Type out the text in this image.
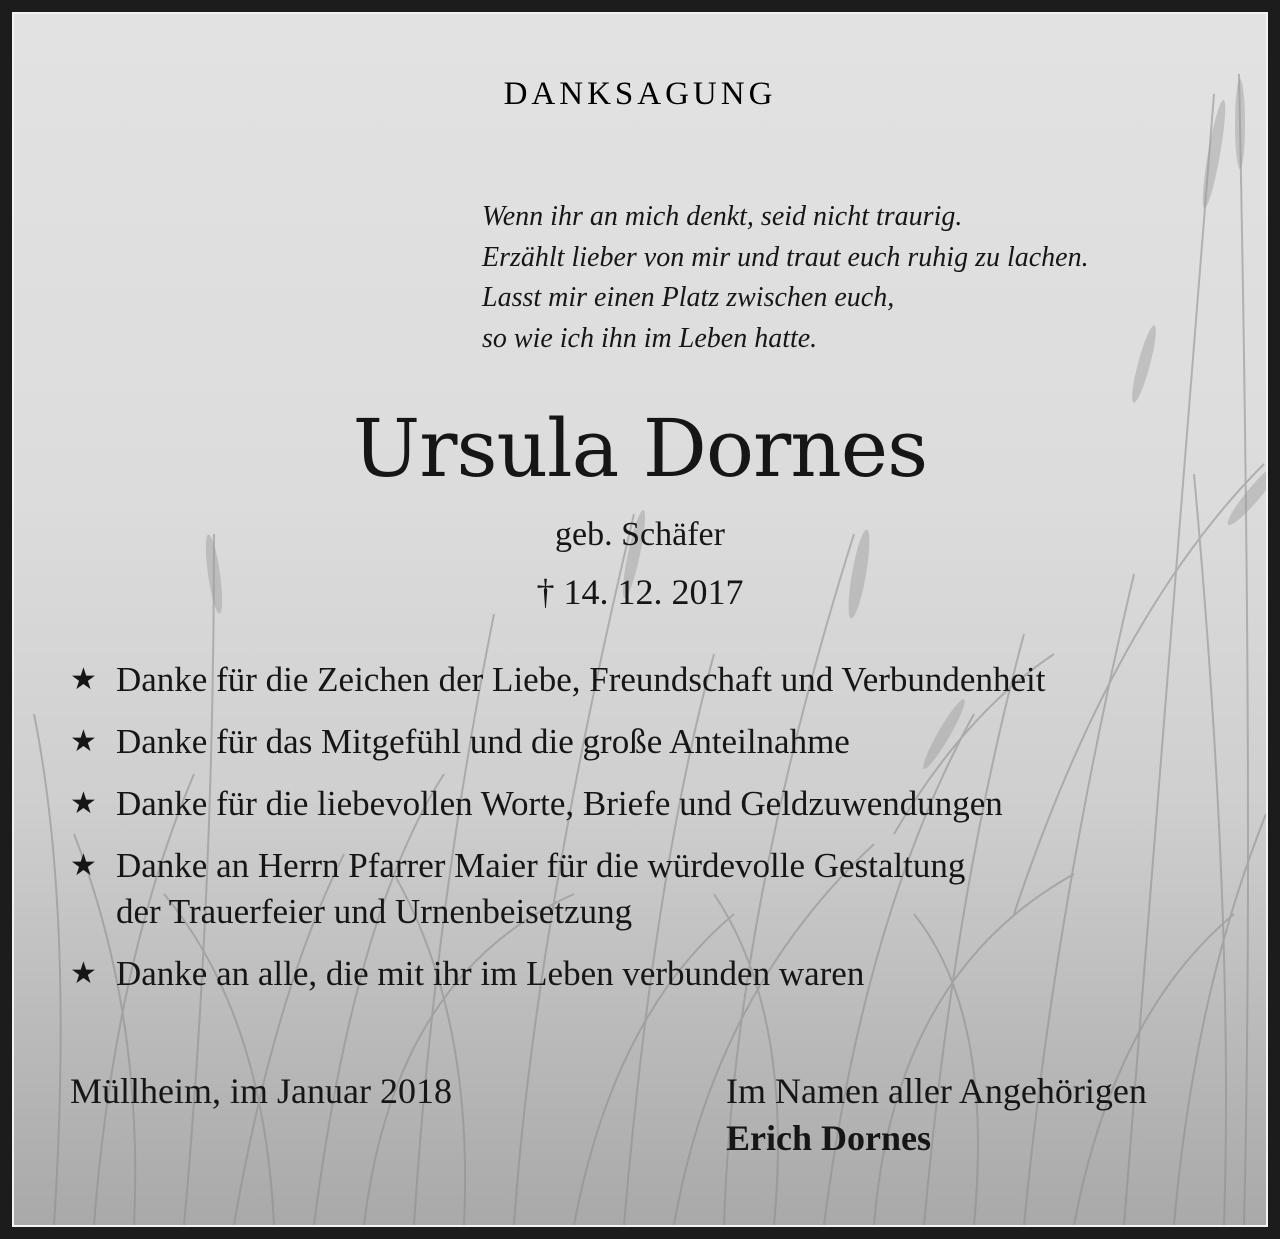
DANKSAGUNG
Wenn ihr an mich denkt, seid nicht traurig.
Erzählt lieber von mir und traut euch ruhig zu lachen.
Lasst mir einen Platz zwischen euch,
so wie ich ihn im Leben hatte.
Ursula Dornes
geb. Schäfer
† 14. 12. 2017
★ Danke für die Zeichen der Liebe, Freundschaft und Verbundenheit
★ Danke für das Mitgefühl und die große Anteilnahme
★ Danke für die liebevollen Worte, Briefe und Geldzuwendungen
★ Danke an Herrn Pfarrer Maier für die würdevolle Gestaltung
der Trauerfeier und Urnenbeisetzung
★ Danke an alle, die mit ihr im Leben verbunden waren
Müllheim, im Januar 2018	Im Namen aller Angehörigen
Erich Dornes
